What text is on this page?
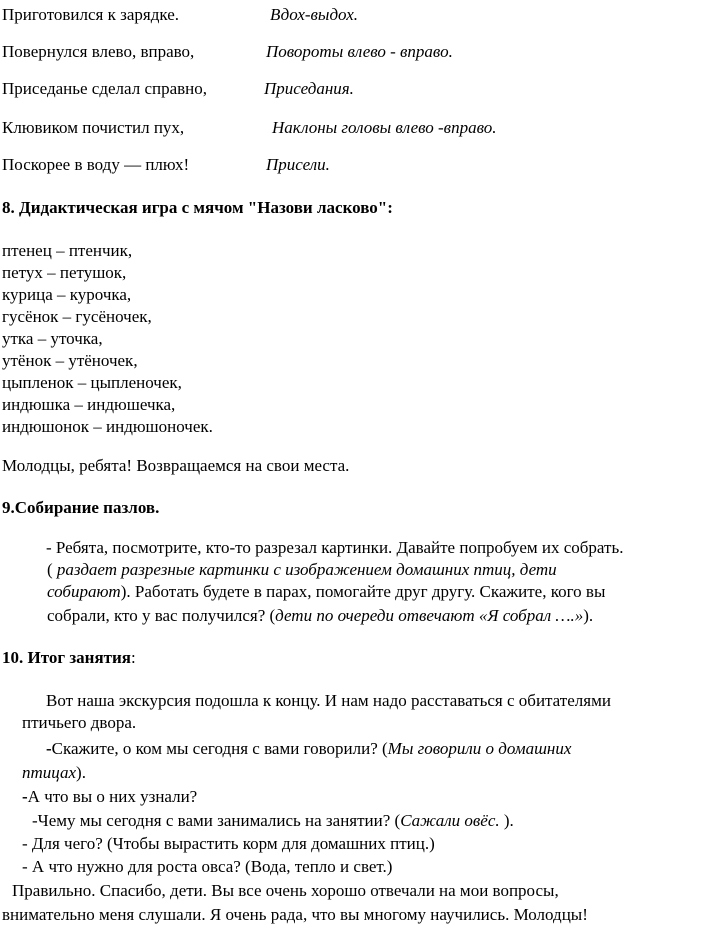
Приготовился к зарядке.	Вдох-выдох.
Повернулся влево, вправо,	Повороты влево - вправо.
Приседанье сделал справно,	Приседания.
Клювиком почистил пух,	Наклоны головы влево -вправо.
Поскорее в воду — плюх!	Присели.
8. Дидактическая игра с мячом "Назови ласково":
птенец – птенчик,
петух – петушок,
курица – курочка,
гусёнок – гусёночек,
утка – уточка,
утёнок – утёночек,
цыпленок – цыпленочек,
индюшка – индюшечка,
индюшонок – индюшоночек.
Молодцы, ребята! Возвращаемся на свои места.
9.Собирание пазлов.
- Ребята, посмотрите, кто-то разрезал картинки. Давайте попробуем их собрать.
( раздает разрезные картинки с изображением домашних птиц, дети
собирают). Работать будете в парах, помогайте друг другу. Скажите, кого вы
собрали, кто у вас получился? (дети по очереди отвечают «Я собрал ….»).
10. Итог занятия:
Вот наша экскурсия подошла к концу. И нам надо расставаться с обитателями
птичьего двора.
-Скажите, о ком мы сегодня с вами говорили? (Мы говорили о домашних
птицах).
-А что вы о них узнали?
-Чему мы сегодня с вами занимались на занятии? (Сажали овёс. ).
- Для чего? (Чтобы вырастить корм для домашних птиц.)
- А что нужно для роста овса? (Вода, тепло и свет.)
Правильно. Спасибо, дети. Вы все очень хорошо отвечали на мои вопросы,
внимательно меня слушали. Я очень рада, что вы многому научились. Молодцы!
